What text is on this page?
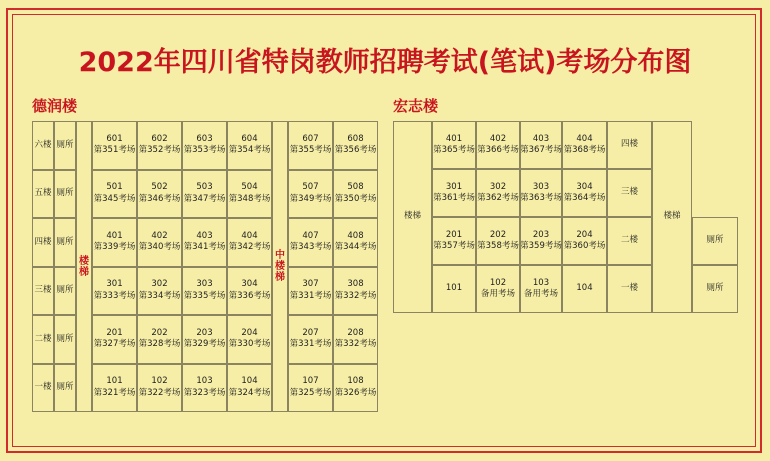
2022年四川省特岗教师招聘考试(笔试)考场分布图
德润楼	宏志楼
六楼 厕所
601
第351考场
602
第352考场
603
第353考场
604
第354考场
607
第355考场
608
第356考场
五楼 厕所
501
第345考场
502
第346考场
503
第347考场
504
第348考场
507
第349考场
508
第350考场
四楼 厕所
401
第339考场
402
第340考场
403
第341考场
404
第342考场
407
第343考场
408
第344考场
三楼 厕所
301
第333考场
302
第334考场
303
第335考场
304
第336考场
307
第331考场
308
第332考场
二楼 厕所
201
第327考场
202
第328考场
203
第329考场
204
第330考场
207
第331考场
208
第332考场
一楼 厕所
101
第321考场
102
第322考场
103
第323考场
104
第324考场
107
第325考场
108
第326考场
楼
梯
中
楼
梯
楼梯
401
第365考场
402
第366考场
403
第367考场
404
第368考场
四楼
301
第361考场
302
第362考场
303
第363考场
304
第364考场
三楼
201
第357考场
202
第358考场
203
第359考场
204
第360考场
二楼
101
102
备用考场
103
备用考场
104	一楼
楼梯
厕所
厕所
